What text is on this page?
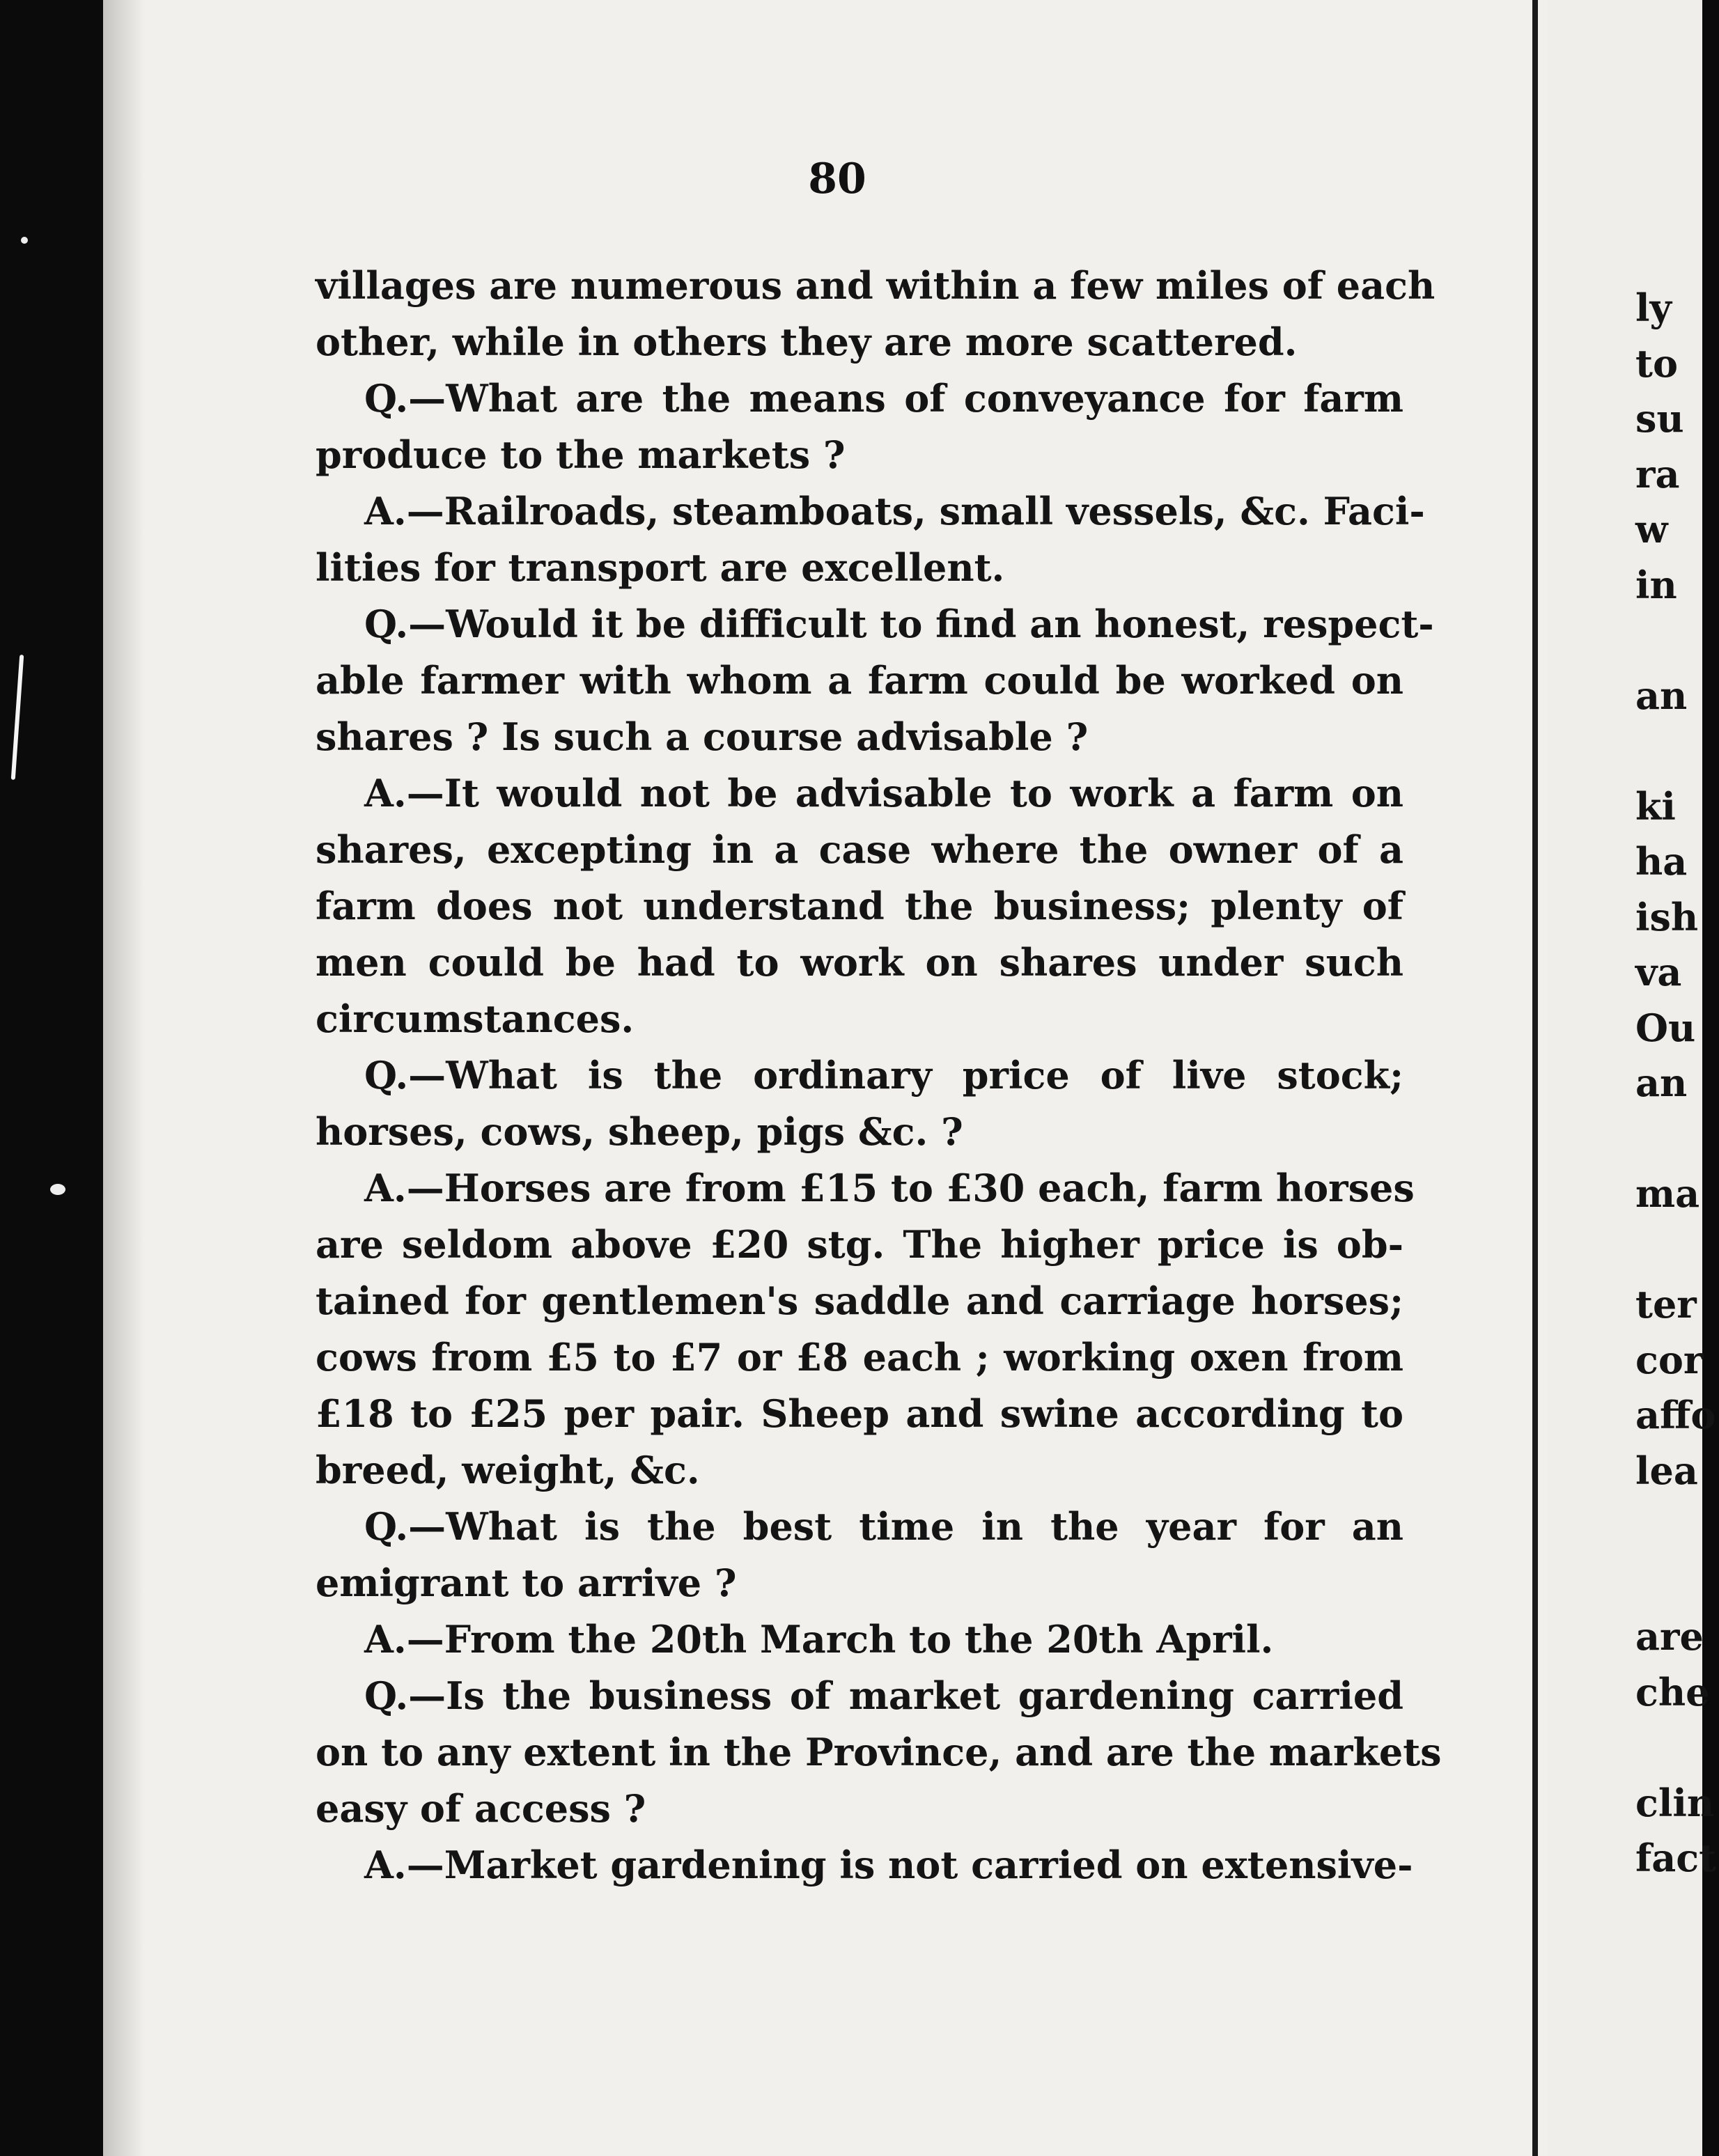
80
villages are numerous and within a few miles of each
other, while in others they are more scattered.
Q.—What are the means of conveyance for farm
produce to the markets ?
A.—Railroads, steamboats, small vessels, &c. Faci-
lities for transport are excellent.
Q.—Would it be difficult to find an honest, respect-
able farmer with whom a farm could be worked on
shares ? Is such a course advisable ?
A.—It would not be advisable to work a farm on
shares, excepting in a case where the owner of a
farm does not understand the business; plenty of
men could be had to work on shares under such
circumstances.
Q.—What is the ordinary price of live stock;
horses, cows, sheep, pigs &c. ?
A.—Horses are from £15 to £30 each, farm horses
are seldom above £20 stg. The higher price is ob-
tained for gentlemen's saddle and carriage horses;
cows from £5 to £7 or £8 each ; working oxen from
£18 to £25 per pair. Sheep and swine according to
breed, weight, &c.
Q.—What is the best time in the year for an
emigrant to arrive ?
A.—From the 20th March to the 20th April.
Q.—Is the business of market gardening carried
on to any extent in the Province, and are the markets
easy of access ?
A.—Market gardening is not carried on extensive-
ly
to
su
ra
w
in
an
ki
ha
ish
va
Ou
an
ma
ter
cor
affo
lea
are
che
clin
fact
